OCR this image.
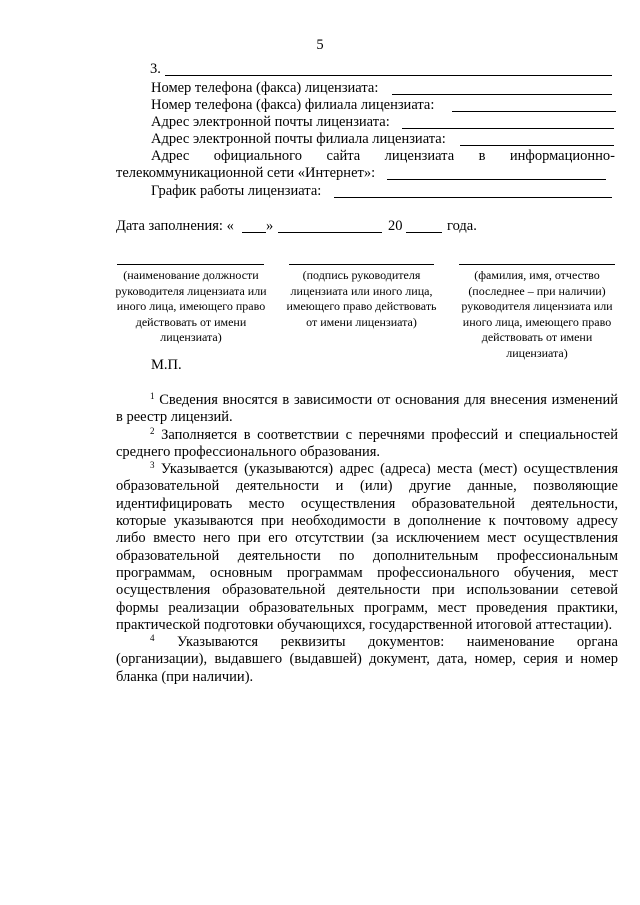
5
3.
Номер телефона (факса) лицензиата:
Номер телефона (факса) филиала лицензиата:
Адрес электронной почты лицензиата:
Адрес электронной почты филиала лицензиата:
Адрес официального сайта лицензиата в информационно-
телекоммуникационной сети «Интернет»:
График работы лицензиата:
Дата заполнения: « »	20	года.
(наименование должности руководителя лицензиата или иного лица, имеющего право действовать от имени лицензиата)
(подпись руководителя лицензиата или иного лица, имеющего право действовать от имени лицензиата)
(фамилия, имя, отчество (последнее – при наличии) руководителя лицензиата или иного лица, имеющего право действовать от имени лицензиата)
М.П.

$^1$ Сведения вносятся в зависимости от основания для внесения изменений в реестр лицензий.

$^2$ Заполняется в соответствии с перечнями профессий и специальностей среднего профессионального образования.

$^3$ Указывается (указываются) адрес (адреса) места (мест) осуществления образовательной деятельности и (или) другие данные, позволяющие идентифицировать место осуществления образовательной деятельности, которые указываются при необходимости в дополнение к почтовому адресу либо вместо него при его отсутствии (за исключением мест осуществления образовательной деятельности по дополнительным профессиональным программам, основным программам профессионального обучения, мест осуществления образовательной деятельности при использовании сетевой формы реализации образовательных программ, мест проведения практики, практической подготовки обучающихся, государственной итоговой аттестации).

$^4$ Указываются реквизиты документов: наименование органа (организации), выдавшего (выдавшей) документ, дата, номер, серия и номер бланка (при наличии).
